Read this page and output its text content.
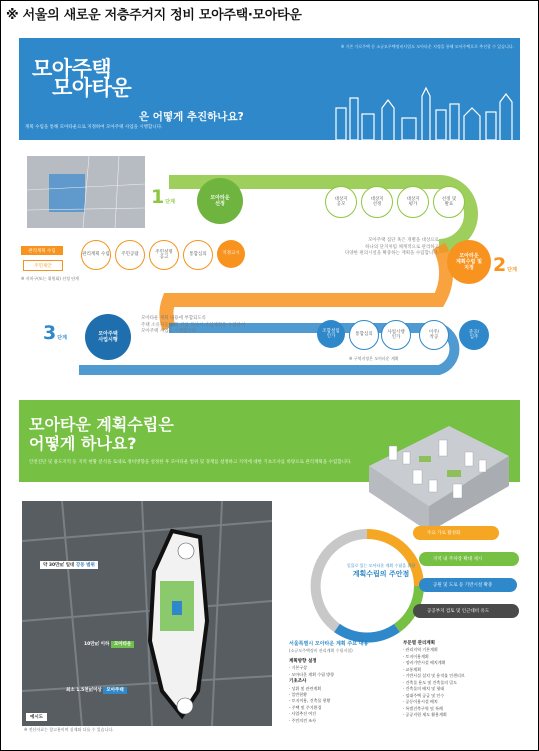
※ 서울의 새로운 저층주거지 정비 모아주택·모아타운
※ 기존 가로주택 등 소규모주택정비사업도 모아타운 지정을 통해 모아주택으로 추진할 수 있습니다.
모아주택
모아타운
은 어떻게 추진하나요?
계획 수립을 통해 모아타운으로 지정하여 모아주택 사업을 시행합니다.
1단계
모아타운
선정
대상지
공모
대상지
선정
대상지
평가
선정 및
발표
관리계획 수립
주민제안
※ 자치구(또는 위원회) 선정 단계
관리계획 수립	주민공람
주민설명
공고
통합심의	지정고시
모아주택 집단 혹은 개별을 대상으로
하나의 단지처럼 체계적으로 관리하고
다양한 편의시설을 확충하는 계획을 수립합니다.	모아타운
계획수립 및
지정	2단계
3단계
모아주택
사업시행
모아타운 계획 내용에 부합되도록
주택 소유자들이 힘 지를 모아서 사업계획을 수립하여
모아주택 사업을 시행합니다.	조합설립
인가	통합심의
사업시행
인가
이주/
착공
준공/
입주
※ 구역지정은 모아타운 계획
모아타운 계획수립은
어떻게 하나요?
안전진단 및 용도지역 등 지역 현황 분석을 토대로 정비방향을 설정한 후 모아타운 범위 및 경계를 설정하고 지역에 대한 기초조사를 바탕으로 관리계획을 수립합니다.
약 30만㎡ 일대 강동 범위
10만㎡ 이하 모아타운
최소 1.5천㎡이상 모아주택
예시도
※ 전산자료는 참고용이며 실제와 다를 수 있습니다.
일몰로 있는 모아타운 계획 수립을 위한
계획수립의 주안점
주요 가로 활성화
지역 내 주차장 확대 제시
공원 및 도로 등 기반시설 확충
공공부지 검토 및 인근대비 유도
서울특별시 모아타운 계획 주요 내용
(소규모주택정비 관리계획 수립지침)
계획방향 설정
· 기본구상
· 모아타운 계획 수립 방향
기초조사
· 상위 및 관련계획
· 일반현황
- 토지이용, 건축물 현황
- 주택 및 주거환경
· 사업추진 여건
· 주민의견 조사
부문별 관리계획
· 관리지역 기본계획
· 토지이용계획
· 정비기반시설 배치계획
· 교통계획
· 기반시설 설치 및 용적률 인센티브
· 건축물 용도 및 건축물의 밀도
· 건축물의 배치 및 형태
· 임대주택 공급 및 인수
· 공동이용시설 배치
· 특별건축구역 및 특례
· 공공지원 제도 활용계획
